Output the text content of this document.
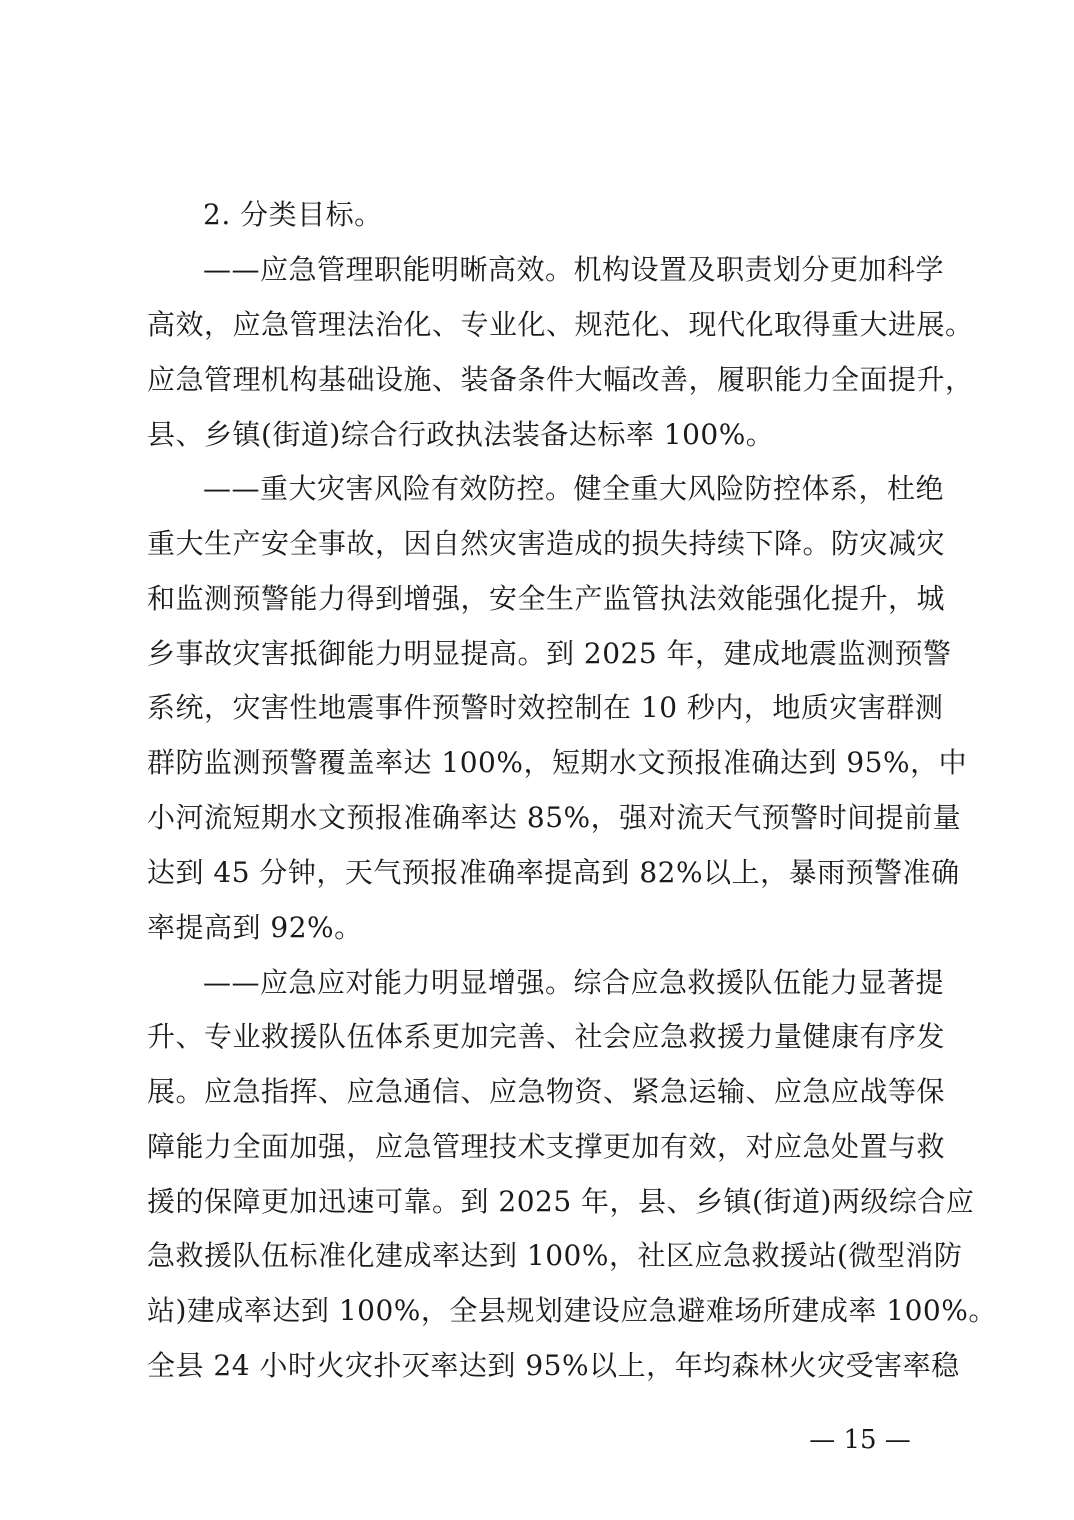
2. 分类目标。
——应急管理职能明晰高效。机构设置及职责划分更加科学
高效，应急管理法治化、专业化、规范化、现代化取得重大进展。
应急管理机构基础设施、装备条件大幅改善，履职能力全面提升，
县、乡镇(街道)综合行政执法装备达标率 100%。
——重大灾害风险有效防控。健全重大风险防控体系，杜绝
重大生产安全事故，因自然灾害造成的损失持续下降。防灾减灾
和监测预警能力得到增强，安全生产监管执法效能强化提升，城
乡事故灾害抵御能力明显提高。到 2025 年，建成地震监测预警
系统，灾害性地震事件预警时效控制在 10 秒内，地质灾害群测
群防监测预警覆盖率达 100%，短期水文预报准确达到 95%，中
小河流短期水文预报准确率达 85%，强对流天气预警时间提前量
达到 45 分钟，天气预报准确率提高到 82%以上，暴雨预警准确
率提高到 92%。
——应急应对能力明显增强。综合应急救援队伍能力显著提
升、专业救援队伍体系更加完善、社会应急救援力量健康有序发
展。应急指挥、应急通信、应急物资、紧急运输、应急应战等保
障能力全面加强，应急管理技术支撑更加有效，对应急处置与救
援的保障更加迅速可靠。到 2025 年，县、乡镇(街道)两级综合应
急救援队伍标准化建成率达到 100%，社区应急救援站(微型消防
站)建成率达到 100%，全县规划建设应急避难场所建成率 100%。
全县 24 小时火灾扑灭率达到 95%以上，年均森林火灾受害率稳
— 15 —
